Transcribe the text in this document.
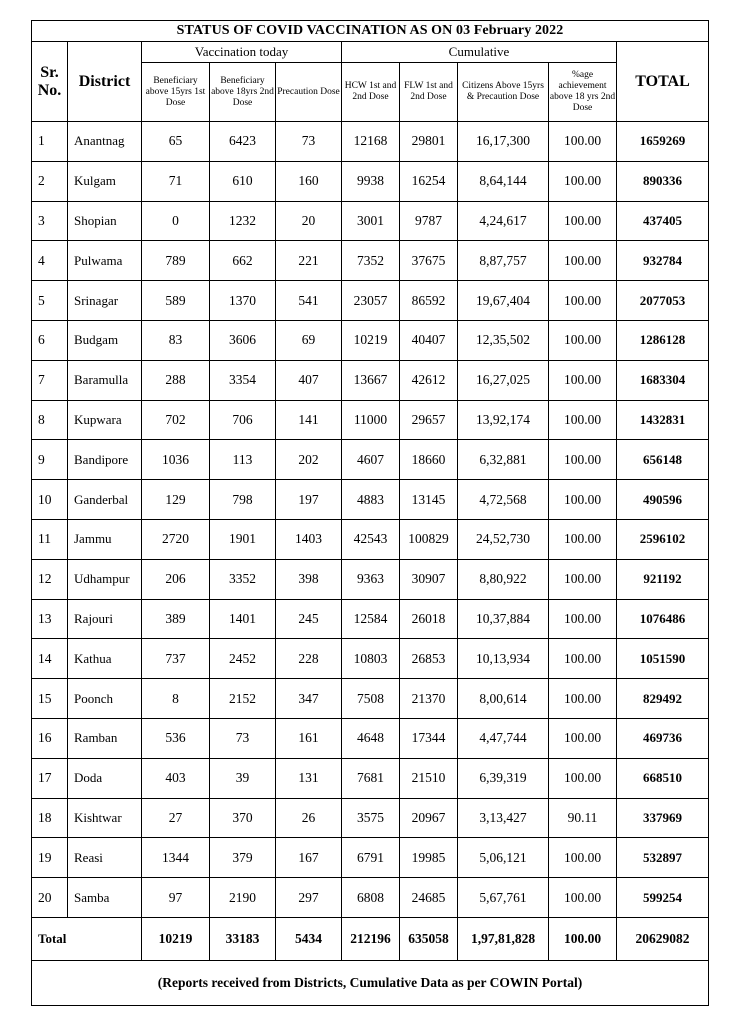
STATUS OF COVID VACCINATION AS ON 03 February 2022									
Sr. No.	District	Vaccination today			Cumulative				TOTAL
		Beneficiary above 15yrs 1st Dose	Beneficiary above 18yrs 2nd Dose	Precaution Dose	HCW 1st and 2nd Dose	FLW 1st and 2nd Dose	Citizens Above 15yrs & Precaution Dose	%age achievement above 18 yrs 2nd Dose	
1	Anantnag	65	6423	73	12168	29801	16,17,300	100.00	1659269
2	Kulgam	71	610	160	9938	16254	8,64,144	100.00	890336
3	Shopian	0	1232	20	3001	9787	4,24,617	100.00	437405
4	Pulwama	789	662	221	7352	37675	8,87,757	100.00	932784
5	Srinagar	589	1370	541	23057	86592	19,67,404	100.00	2077053
6	Budgam	83	3606	69	10219	40407	12,35,502	100.00	1286128
7	Baramulla	288	3354	407	13667	42612	16,27,025	100.00	1683304
8	Kupwara	702	706	141	11000	29657	13,92,174	100.00	1432831
9	Bandipore	1036	113	202	4607	18660	6,32,881	100.00	656148
10	Ganderbal	129	798	197	4883	13145	4,72,568	100.00	490596
11	Jammu	2720	1901	1403	42543	100829	24,52,730	100.00	2596102
12	Udhampur	206	3352	398	9363	30907	8,80,922	100.00	921192
13	Rajouri	389	1401	245	12584	26018	10,37,884	100.00	1076486
14	Kathua	737	2452	228	10803	26853	10,13,934	100.00	1051590
15	Poonch	8	2152	347	7508	21370	8,00,614	100.00	829492
16	Ramban	536	73	161	4648	17344	4,47,744	100.00	469736
17	Doda	403	39	131	7681	21510	6,39,319	100.00	668510
18	Kishtwar	27	370	26	3575	20967	3,13,427	90.11	337969
19	Reasi	1344	379	167	6791	19985	5,06,121	100.00	532897
20	Samba	97	2190	297	6808	24685	5,67,761	100.00	599254
Total		10219	33183	5434	212196	635058	1,97,81,828	100.00	20629082
(Reports received from Districts, Cumulative Data as per COWIN Portal)									
